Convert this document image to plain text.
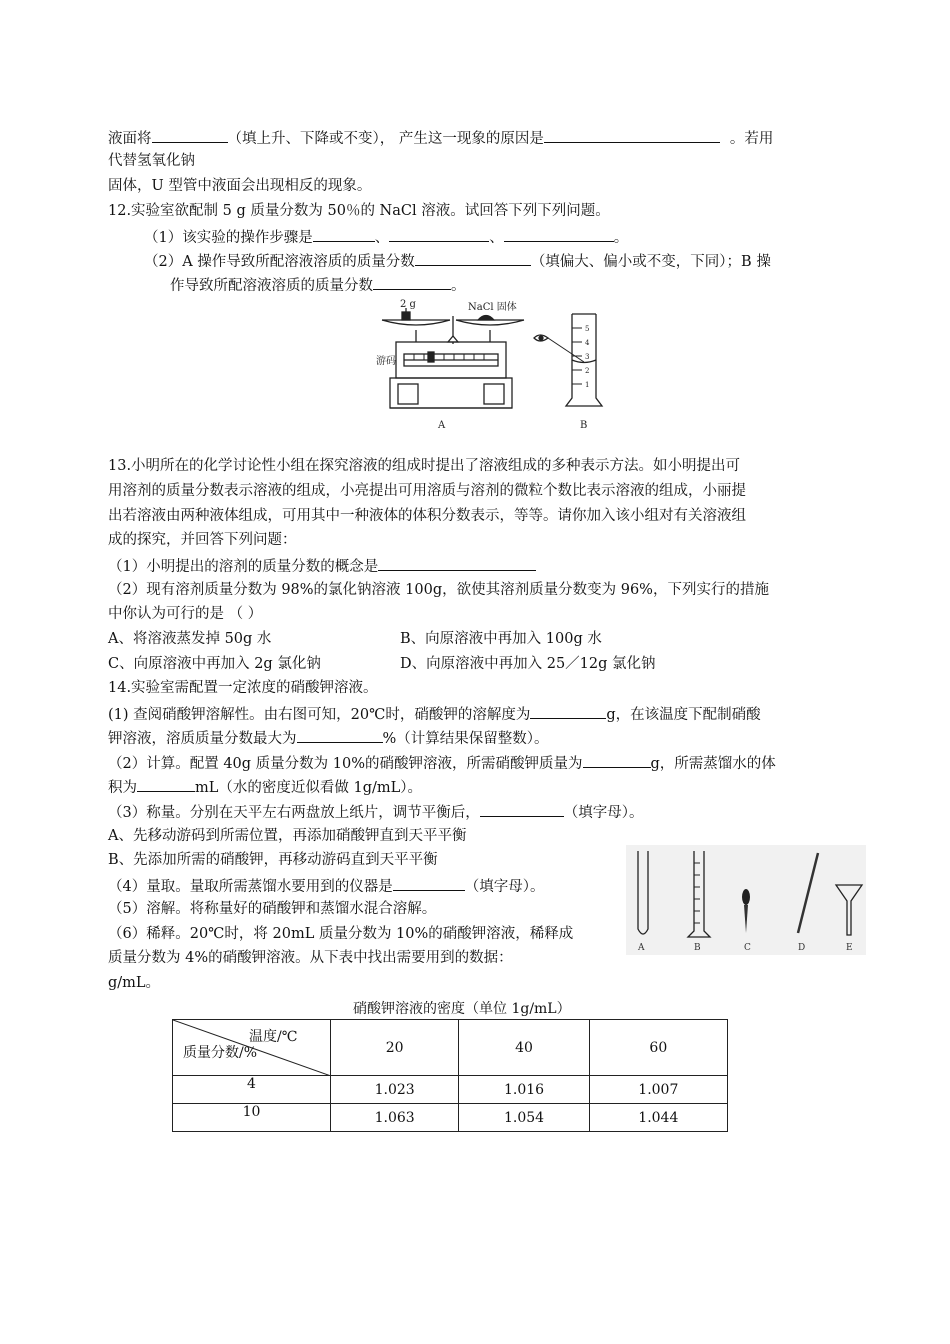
液面将	（填上升、下降或不变）， 产生这一现象的原因是	。若用
代替氢氧化钠
固体，U 型管中液面会出现相反的现象。
12.实验室欲配制 5 g 质量分数为 50％的 NaCl 溶液。试回答下列下列问题。
（1）该实验的操作步骤是	、	、	。
（2）A 操作导致所配溶液溶质的质量分数	（填偏大、偏小或不变，下同）；B 操
作导致所配溶液溶质的质量分数	。
2 g	NaCl 固体
游码
A
5
4
3
2
1
B
13.小明所在的化学讨论性小组在探究溶液的组成时提出了溶液组成的多种表示方法。如小明提出可
用溶剂的质量分数表示溶液的组成，小亮提出可用溶质与溶剂的微粒个数比表示溶液的组成，小丽提
出若溶液由两种液体组成，可用其中一种液体的体积分数表示，等等。请你加入该小组对有关溶液组
成的探究，并回答下列问题：
（1）小明提出的溶剂的质量分数的概念是
（2）现有溶剂质量分数为 98%的氯化钠溶液 100g，欲使其溶剂质量分数变为 96%，下列实行的措施
中你认为可行的是 （ ）
A、将溶液蒸发掉 50g 水	B、向原溶液中再加入 100g 水
C、向原溶液中再加入 2g 氯化钠	D、向原溶液中再加入 25／12g 氯化钠
14.实验室需配置一定浓度的硝酸钾溶液。
(1) 查阅硝酸钾溶解性。由右图可知，20℃时，硝酸钾的溶解度为	g，在该温度下配制硝酸
钾溶液，溶质质量分数最大为	%（计算结果保留整数）。
（2）计算。配置 40g 质量分数为 10%的硝酸钾溶液，所需硝酸钾质量为	g，所需蒸馏水的体
积为	mL（水的密度近似看做 1g/mL）。
（3）称量。分别在天平左右两盘放上纸片，调节平衡后，	（填字母）。
A、先移动游码到所需位置，再添加硝酸钾直到天平平衡
B、先添加所需的硝酸钾，再移动游码直到天平平衡
（4）量取。量取所需蒸馏水要用到的仪器是	（填字母）。
（5）溶解。将称量好的硝酸钾和蒸馏水混合溶解。
（6）稀释。20℃时，将 20mL 质量分数为 10%的硝酸钾溶液，稀释成
质量分数为 4%的硝酸钾溶液。从下表中找出需要用到的数据：
g/mL。
A	B	C	D	E
硝酸钾溶液的密度（单位 1g/mL）
温度/℃
质量分数/%	20	40	60
4	1.023	1.016	1.007
10	1.063	1.054	1.044
